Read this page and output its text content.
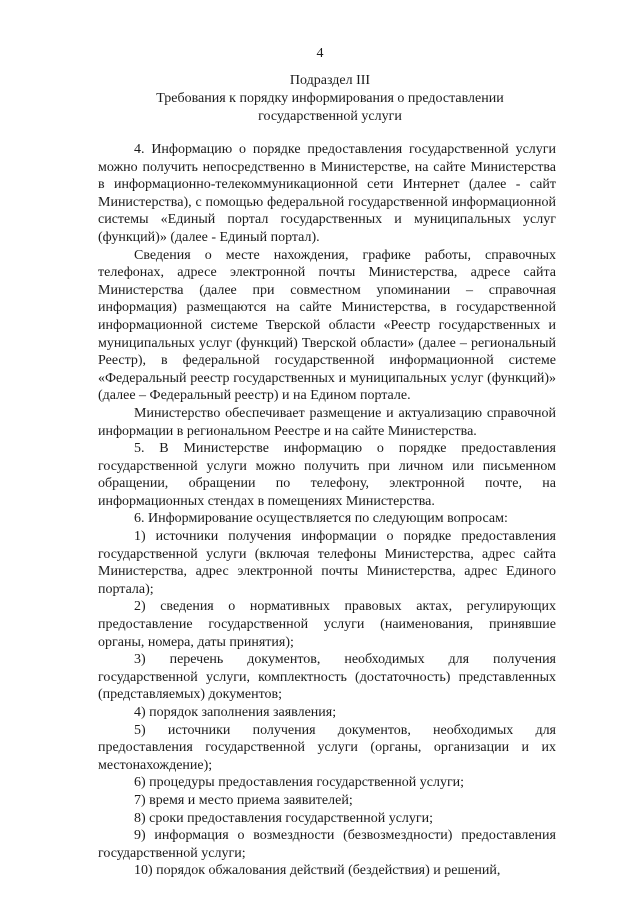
4
Подраздел III
Требования к порядку информирования о предоставлении
государственной услуги

4. Информацию о порядке предоставления государственной услуги можно получить непосредственно в Министерстве, на сайте Министерства в информационно-телекоммуникационной сети Интернет (далее - сайт Министерства), с помощью федеральной государственной информационной системы «Единый портал государственных и муниципальных услуг (функций)» (далее - Единый портал).

Сведения о месте нахождения, графике работы, справочных телефонах, адресе электронной почты Министерства, адресе сайта Министерства (далее при совместном упоминании – справочная информация) размещаются на сайте Министерства, в государственной информационной системе Тверской области «Реестр государственных и муниципальных услуг (функций) Тверской области» (далее – региональный Реестр), в федеральной государственной информационной системе «Федеральный реестр государственных и муниципальных услуг (функций)» (далее – Федеральный реестр) и на Едином портале.

Министерство обеспечивает размещение и актуализацию справочной информации в региональном Реестре и на сайте Министерства.

5. В Министерстве информацию о порядке предоставления государственной услуги можно получить при личном или письменном обращении, обращении по телефону, электронной почте, на информационных стендах в помещениях Министерства.

6. Информирование осуществляется по следующим вопросам:

1) источники получения информации о порядке предоставления государственной услуги (включая телефоны Министерства, адрес сайта Министерства, адрес электронной почты Министерства, адрес Единого портала);

2) сведения о нормативных правовых актах, регулирующих предоставление государственной услуги (наименования, принявшие органы, номера, даты принятия);

3) перечень документов, необходимых для получения государственной услуги, комплектность (достаточность) представленных (представляемых) документов;

4) порядок заполнения заявления;

5) источники получения документов, необходимых для предоставления государственной услуги (органы, организации и их местонахождение);

6) процедуры предоставления государственной услуги;

7) время и место приема заявителей;

8) сроки предоставления государственной услуги;

9) информация о возмездности (безвозмездности) предоставления государственной услуги;

10) порядок обжалования действий (бездействия) и решений,
